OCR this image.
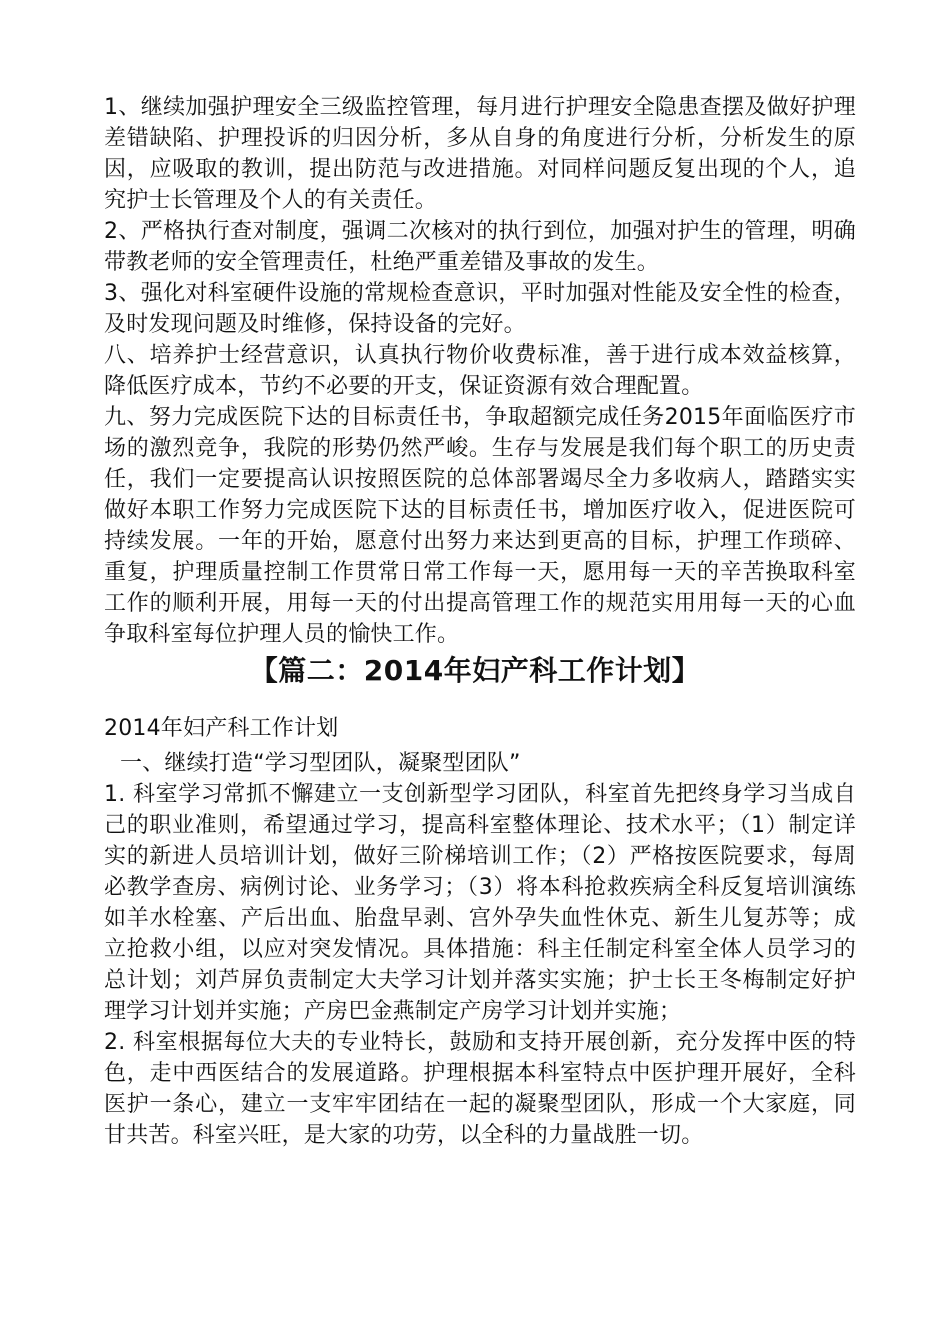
1、继续加强护理安全三级监控管理，每月进行护理安全隐患查摆及做好护理差错缺陷、护理投诉的归因分析，多从自身的角度进行分析，分析发生的原因，应吸取的教训，提出防范与改进措施。对同样问题反复出现的个人，追究护士长管理及个人的有关责任。

2、严格执行查对制度，强调二次核对的执行到位，加强对护生的管理，明确带教老师的安全管理责任，杜绝严重差错及事故的发生。

3、强化对科室硬件设施的常规检查意识，平时加强对性能及安全性的检查，及时发现问题及时维修，保持设备的完好。

八、培养护士经营意识，认真执行物价收费标准，善于进行成本效益核算，降低医疗成本，节约不必要的开支，保证资源有效合理配置。

九、努力完成医院下达的目标责任书，争取超额完成任务2015年面临医疗市场的激烈竞争，我院的形势仍然严峻。生存与发展是我们每个职工的历史责任，我们一定要提高认识按照医院的总体部署竭尽全力多收病人，踏踏实实做好本职工作努力完成医院下达的目标责任书，增加医疗收入，促进医院可持续发展。一年的开始，愿意付出努力来达到更高的目标，护理工作琐碎、重复，护理质量控制工作贯常日常工作每一天，愿用每一天的辛苦换取科室工作的顺利开展，用每一天的付出提高管理工作的规范实用用每一天的心血争取科室每位护理人员的愉快工作。

【篇二：2014年妇产科工作计划】

2014年妇产科工作计划

一、继续打造“学习型团队，凝聚型团队”

1. 科室学习常抓不懈建立一支创新型学习团队，科室首先把终身学习当成自己的职业准则，希望通过学习，提高科室整体理论、技术水平；（1）制定详实的新进人员培训计划，做好三阶梯培训工作；（2）严格按医院要求，每周必教学查房、病例讨论、业务学习；（3）将本科抢救疾病全科反复培训演练如羊水栓塞、产后出血、胎盘早剥、宫外孕失血性休克、新生儿复苏等；成立抢救小组，以应对突发情况。具体措施：科主任制定科室全体人员学习的总计划；刘芦屏负责制定大夫学习计划并落实实施；护士长王冬梅制定好护理学习计划并实施；产房巴金燕制定产房学习计划并实施；

2. 科室根据每位大夫的专业特长，鼓励和支持开展创新，充分发挥中医的特色，走中西医结合的发展道路。护理根据本科室特点中医护理开展好，全科医护一条心，建立一支牢牢团结在一起的凝聚型团队，形成一个大家庭，同甘共苦。科室兴旺，是大家的功劳，以全科的力量战胜一切。
